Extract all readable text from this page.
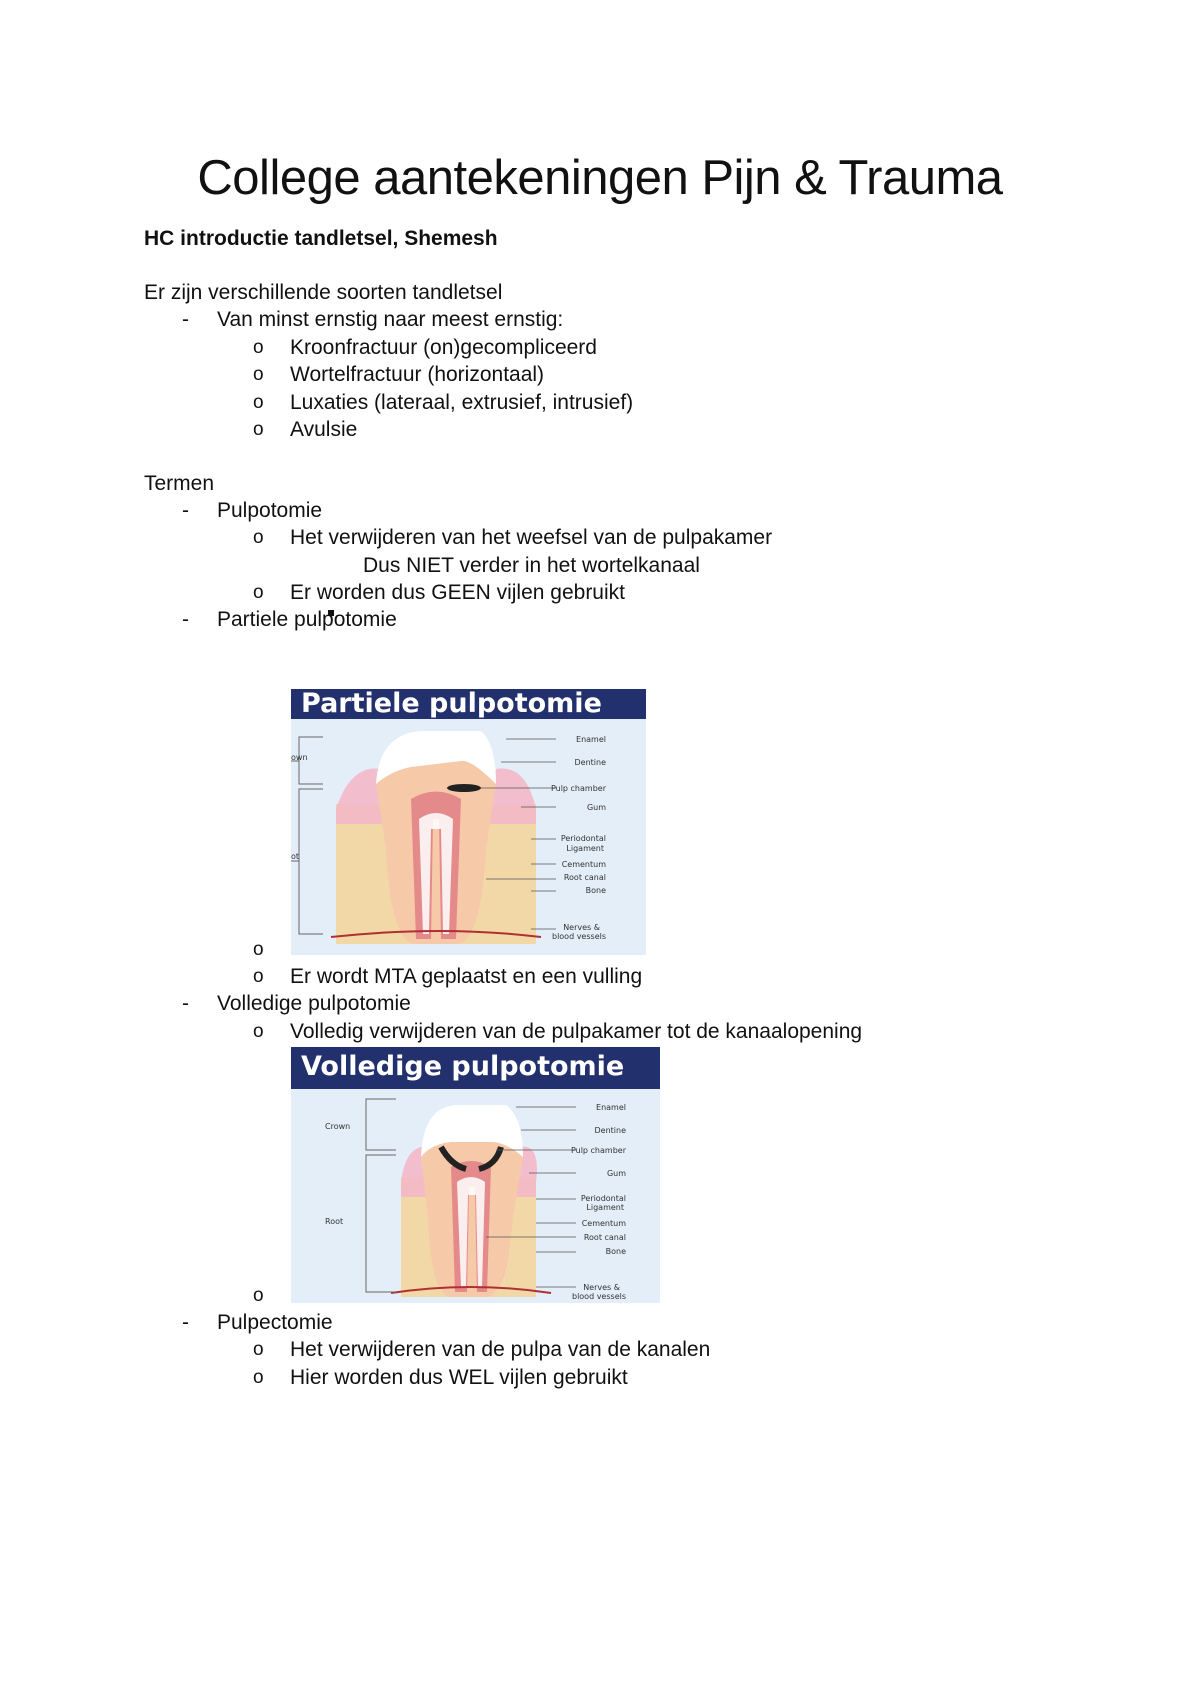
College aantekeningen Pijn & Trauma
HC introductie tandletsel, Shemesh
Er zijn verschillende soorten tandletsel
- Van minst ernstig naar meest ernstig:
o Kroonfractuur (on)gecompliceerd
o Wortelfractuur (horizontaal)
o Luxaties (lateraal, extrusief, intrusief)
o Avulsie
Termen
- Pulpotomie
o Het verwijderen van het weefsel van de pulpakamer
Dus NIET verder in het wortelkanaal
o Er worden dus GEEN vijlen gebruikt
- Partiele pulpotomie
Partiele pulpotomie
own
ot
Enamel
Dentine
Pulp chamber
Gum
Periodontal
Ligament
Cementum
Root canal
Bone
Nerves &
blood vessels
o
o Er wordt MTA geplaatst en een vulling
- Volledige pulpotomie
o Volledig verwijderen van de pulpakamer tot de kanaalopening
Volledige pulpotomie
Crown
Root
Enamel
Dentine
Pulp chamber
Gum
Periodontal
Ligament
Cementum
Root canal
Bone
Nerves &
blood vessels
o
- Pulpectomie
o Het verwijderen van de pulpa van de kanalen
o Hier worden dus WEL vijlen gebruikt
